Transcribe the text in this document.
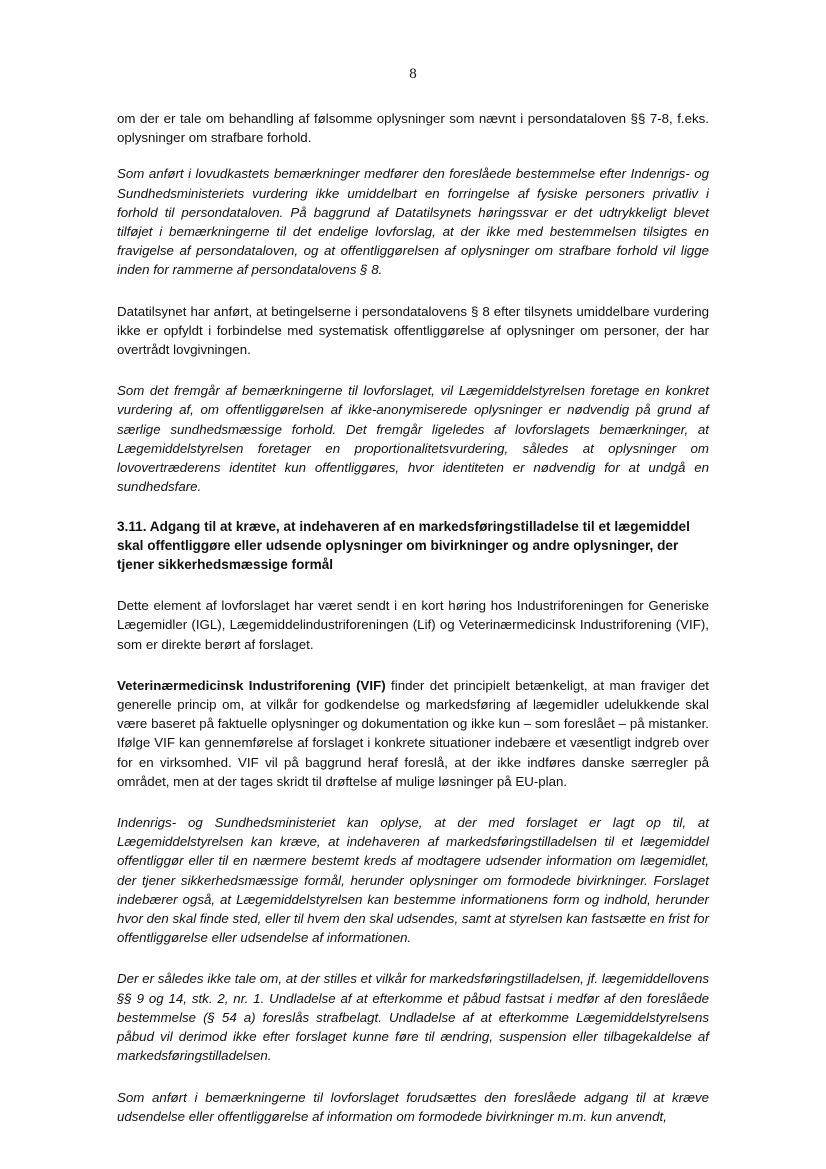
8

om der er tale om behandling af følsomme oplysninger som nævnt i persondataloven §§ 7-8, f.eks. oplysninger om strafbare forhold.

Som anført i lovudkastets bemærkninger medfører den foreslåede bestemmelse efter Indenrigs- og Sundhedsministeriets vurdering ikke umiddelbart en forringelse af fysiske personers privatliv i forhold til persondataloven. På baggrund af Datatilsynets høringssvar er det udtrykkeligt blevet tilføjet i bemærkningerne til det endelige lovforslag, at der ikke med bestemmelsen tilsigtes en fravigelse af persondataloven, og at offentliggørelsen af oplysninger om strafbare forhold vil ligge inden for rammerne af persondatalovens § 8.

Datatilsynet har anført, at betingelserne i persondatalovens § 8 efter tilsynets umiddelbare vurdering ikke er opfyldt i forbindelse med systematisk offentliggørelse af oplysninger om personer, der har overtrådt lovgivningen.

Som det fremgår af bemærkningerne til lovforslaget, vil Lægemiddelstyrelsen foretage en konkret vurdering af, om offentliggørelsen af ikke-anonymiserede oplysninger er nødvendig på grund af særlige sundhedsmæssige forhold. Det fremgår ligeledes af lovforslagets bemærkninger, at Lægemiddelstyrelsen foretager en proportionalitetsvurdering, således at oplysninger om lovovertræderens identitet kun offentliggøres, hvor identiteten er nødvendig for at undgå en sundhedsfare.

3.11. Adgang til at kræve, at indehaveren af en markedsføringstilladelse til et lægemiddel skal offentliggøre eller udsende oplysninger om bivirkninger og andre oplysninger, der tjener sikkerhedsmæssige formål

Dette element af lovforslaget har været sendt i en kort høring hos Industriforeningen for Generiske Lægemidler (IGL), Lægemiddelindustriforeningen (Lif) og Veterinærmedicinsk Industriforening (VIF), som er direkte berørt af forslaget.

Veterinærmedicinsk Industriforening (VIF) finder det principielt betænkeligt, at man fraviger det generelle princip om, at vilkår for godkendelse og markedsføring af lægemidler udelukkende skal være baseret på faktuelle oplysninger og dokumentation og ikke kun – som foreslået – på mistanker. Ifølge VIF kan gennemførelse af forslaget i konkrete situationer indebære et væsentligt indgreb over for en virksomhed. VIF vil på baggrund heraf foreslå, at der ikke indføres danske særregler på området, men at der tages skridt til drøftelse af mulige løsninger på EU-plan.

Indenrigs- og Sundhedsministeriet kan oplyse, at der med forslaget er lagt op til, at Lægemiddelstyrelsen kan kræve, at indehaveren af markedsføringstilladelsen til et lægemiddel offentliggør eller til en nærmere bestemt kreds af modtagere udsender information om lægemidlet, der tjener sikkerhedsmæssige formål, herunder oplysninger om formodede bivirkninger. Forslaget indebærer også, at Lægemiddelstyrelsen kan bestemme informationens form og indhold, herunder hvor den skal finde sted, eller til hvem den skal udsendes, samt at styrelsen kan fastsætte en frist for offentliggørelse eller udsendelse af informationen.

Der er således ikke tale om, at der stilles et vilkår for markedsføringstilladelsen, jf. lægemiddellovens §§ 9 og 14, stk. 2, nr. 1. Undladelse af at efterkomme et påbud fastsat i medfør af den foreslåede bestemmelse (§ 54 a) foreslås strafbelagt. Undladelse af at efterkomme Lægemiddelstyrelsens påbud vil derimod ikke efter forslaget kunne føre til ændring, suspension eller tilbagekaldelse af markedsføringstilladelsen.

Som anført i bemærkningerne til lovforslaget forudsættes den foreslåede adgang til at kræve udsendelse eller offentliggørelse af information om formodede bivirkninger m.m. kun anvendt,
